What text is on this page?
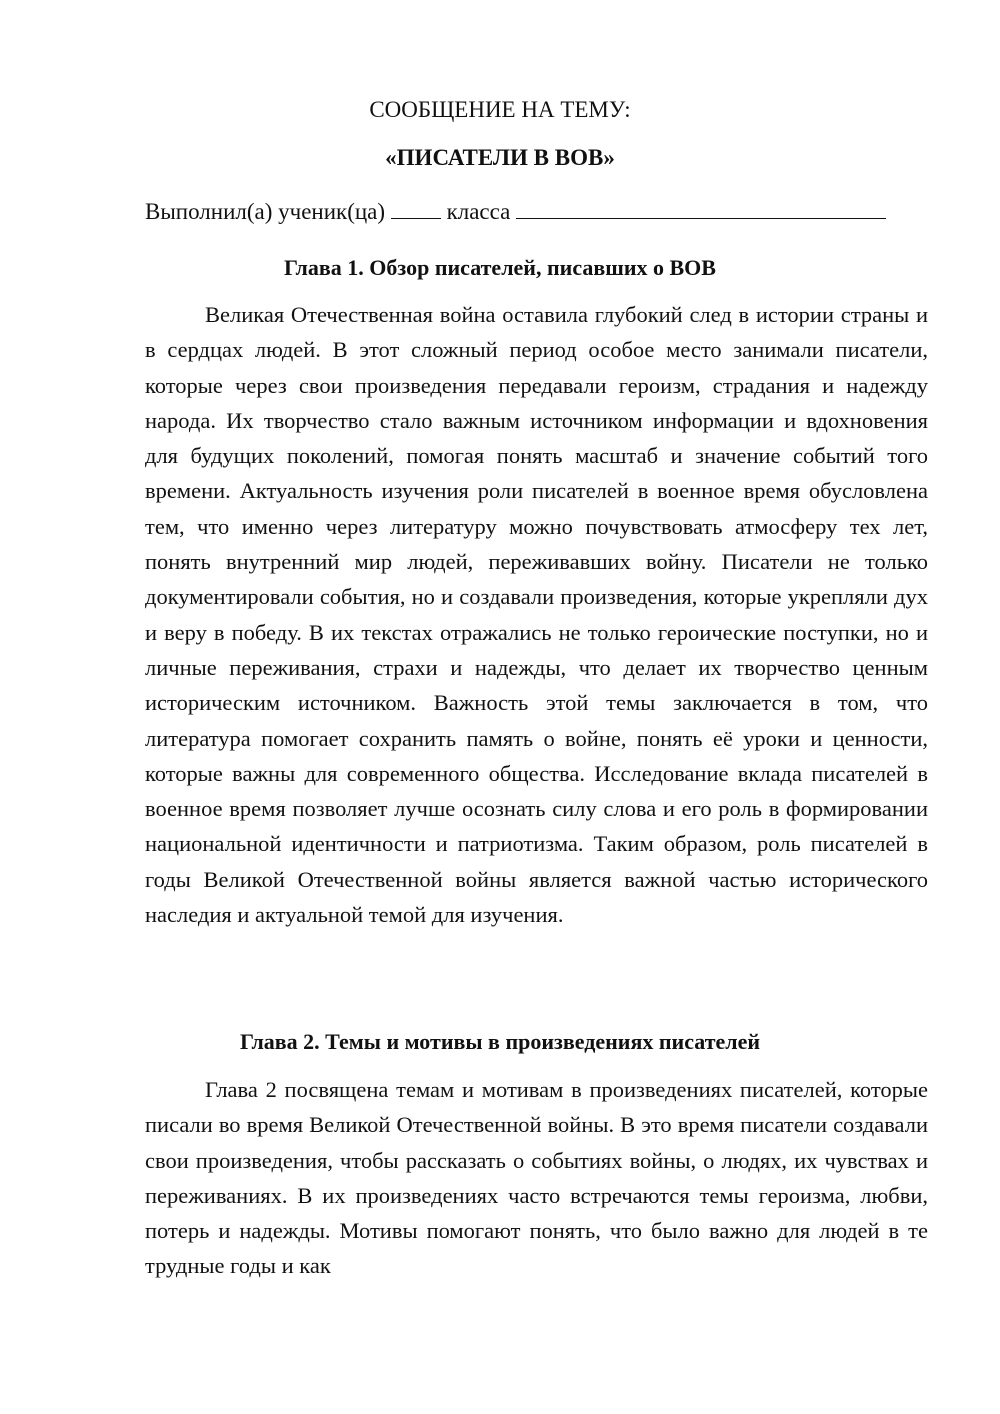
СООБЩЕНИЕ НА ТЕМУ:
«ПИСАТЕЛИ В ВОВ»
Выполнил(а) ученик(ца)	класса
Глава 1. Обзор писателей, писавших о ВОВ

Великая Отечественная война оставила глубокий след в истории страны и в сердцах людей. В этот сложный период особое место занимали писатели, которые через свои произведения передавали героизм, страдания и надежду народа. Их творчество стало важным источником информации и вдохновения для будущих поколений, помогая понять масштаб и значение событий того времени. Актуальность изучения роли писателей в военное время обусловлена тем, что именно через литературу можно почувствовать атмосферу тех лет, понять внутренний мир людей, переживавших войну. Писатели не только документировали события, но и создавали произведения, которые укрепляли дух и веру в победу. В их текстах отражались не только героические поступки, но и личные переживания, страхи и надежды, что делает их творчество ценным историческим источником. Важность этой темы заключается в том, что литература помогает сохранить память о войне, понять её уроки и ценности, которые важны для современного общества. Исследование вклада писателей в военное время позволяет лучше осознать силу слова и его роль в формировании национальной идентичности и патриотизма. Таким образом, роль писателей в годы Великой Отечественной войны является важной частью исторического наследия и актуальной темой для изучения.

Глава 2. Темы и мотивы в произведениях писателей

Глава 2 посвящена темам и мотивам в произведениях писателей, которые писали во время Великой Отечественной войны. В это время писатели создавали свои произведения, чтобы рассказать о событиях войны, о людях, их чувствах и переживаниях. В их произведениях часто встречаются темы героизма, любви, потерь и надежды. Мотивы помогают понять, что было важно для людей в те трудные годы и как
